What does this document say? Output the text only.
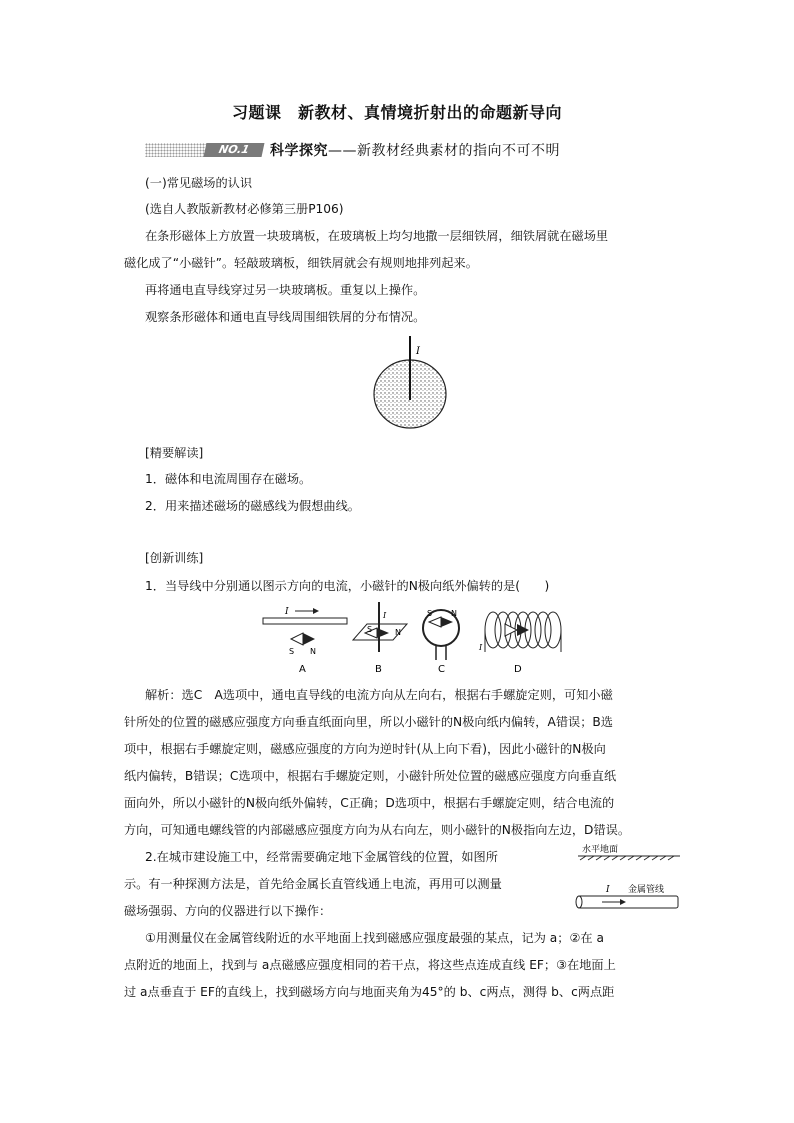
习题课　新教材、真情境折射出的命题新导向
NO.1	科学探究——新教材经典素材的指向不可不明
(一)常见磁场的认识
(选自人教版新教材必修第三册P106)
在条形磁体上方放置一块玻璃板，在玻璃板上均匀地撒一层细铁屑，细铁屑就在磁场里
磁化成了“小磁针”。轻敲玻璃板，细铁屑就会有规则地排列起来。
再将通电直导线穿过另一块玻璃板。重复以上操作。
观察条形磁体和通电直导线周围细铁屑的分布情况。
I
[精要解读]
1．磁体和电流周围存在磁场。
2．用来描述磁场的磁感线为假想曲线。
[创新训练]
1．当导线中分别通以图示方向的电流，小磁针的N极向纸外偏转的是(　　)
I
S N
A
S	N
I
B
S N
C
I
D
解析：选C　A选项中，通电直导线的电流方向从左向右，根据右手螺旋定则，可知小磁
针所处的位置的磁感应强度方向垂直纸面向里，所以小磁针的N极向纸内偏转，A错误；B选
项中，根据右手螺旋定则，磁感应强度的方向为逆时针(从上向下看)，因此小磁针的N极向
纸内偏转，B错误；C选项中，根据右手螺旋定则，小磁针所处位置的磁感应强度方向垂直纸
面向外，所以小磁针的N极向纸外偏转，C正确；D选项中，根据右手螺旋定则，结合电流的
方向，可知通电螺线管的内部磁感应强度方向为从右向左，则小磁针的N极指向左边，D错误。
2.在城市建设施工中，经常需要确定地下金属管线的位置，如图所
示。有一种探测方法是，首先给金属长直管线通上电流，再用可以测量
磁场强弱、方向的仪器进行以下操作：
水平地面
I 金属管线
①用测量仪在金属管线附近的水平地面上找到磁感应强度最强的某点，记为 a；②在 a
点附近的地面上，找到与 a点磁感应强度相同的若干点，将这些点连成直线 EF；③在地面上
过 a点垂直于 EF的直线上，找到磁场方向与地面夹角为45°的 b、c两点，测得 b、c两点距
